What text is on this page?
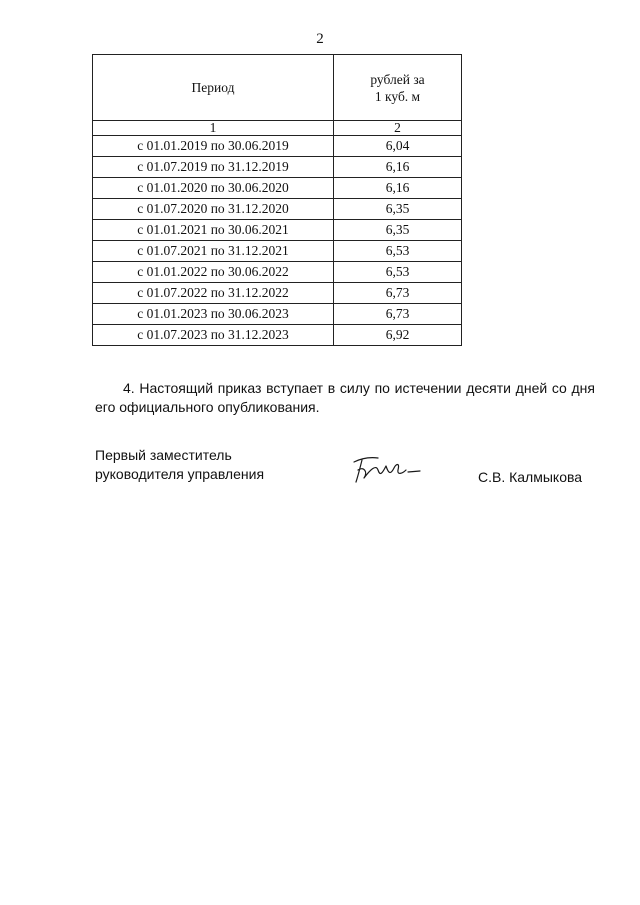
2
Период	рублей за
1 куб. м
1	2
с 01.01.2019 по 30.06.2019	6,04
с 01.07.2019 по 31.12.2019	6,16
с 01.01.2020 по 30.06.2020	6,16
с 01.07.2020 по 31.12.2020	6,35
с 01.01.2021 по 30.06.2021	6,35
с 01.07.2021 по 31.12.2021	6,53
с 01.01.2022 по 30.06.2022	6,53
с 01.07.2022 по 31.12.2022	6,73
с 01.01.2023 по 30.06.2023	6,73
с 01.07.2023 по 31.12.2023	6,92
4. Настоящий приказ вступает в силу по истечении десяти дней со дня его официального опубликования.
Первый заместитель
руководителя управления	С.В. Калмыкова
